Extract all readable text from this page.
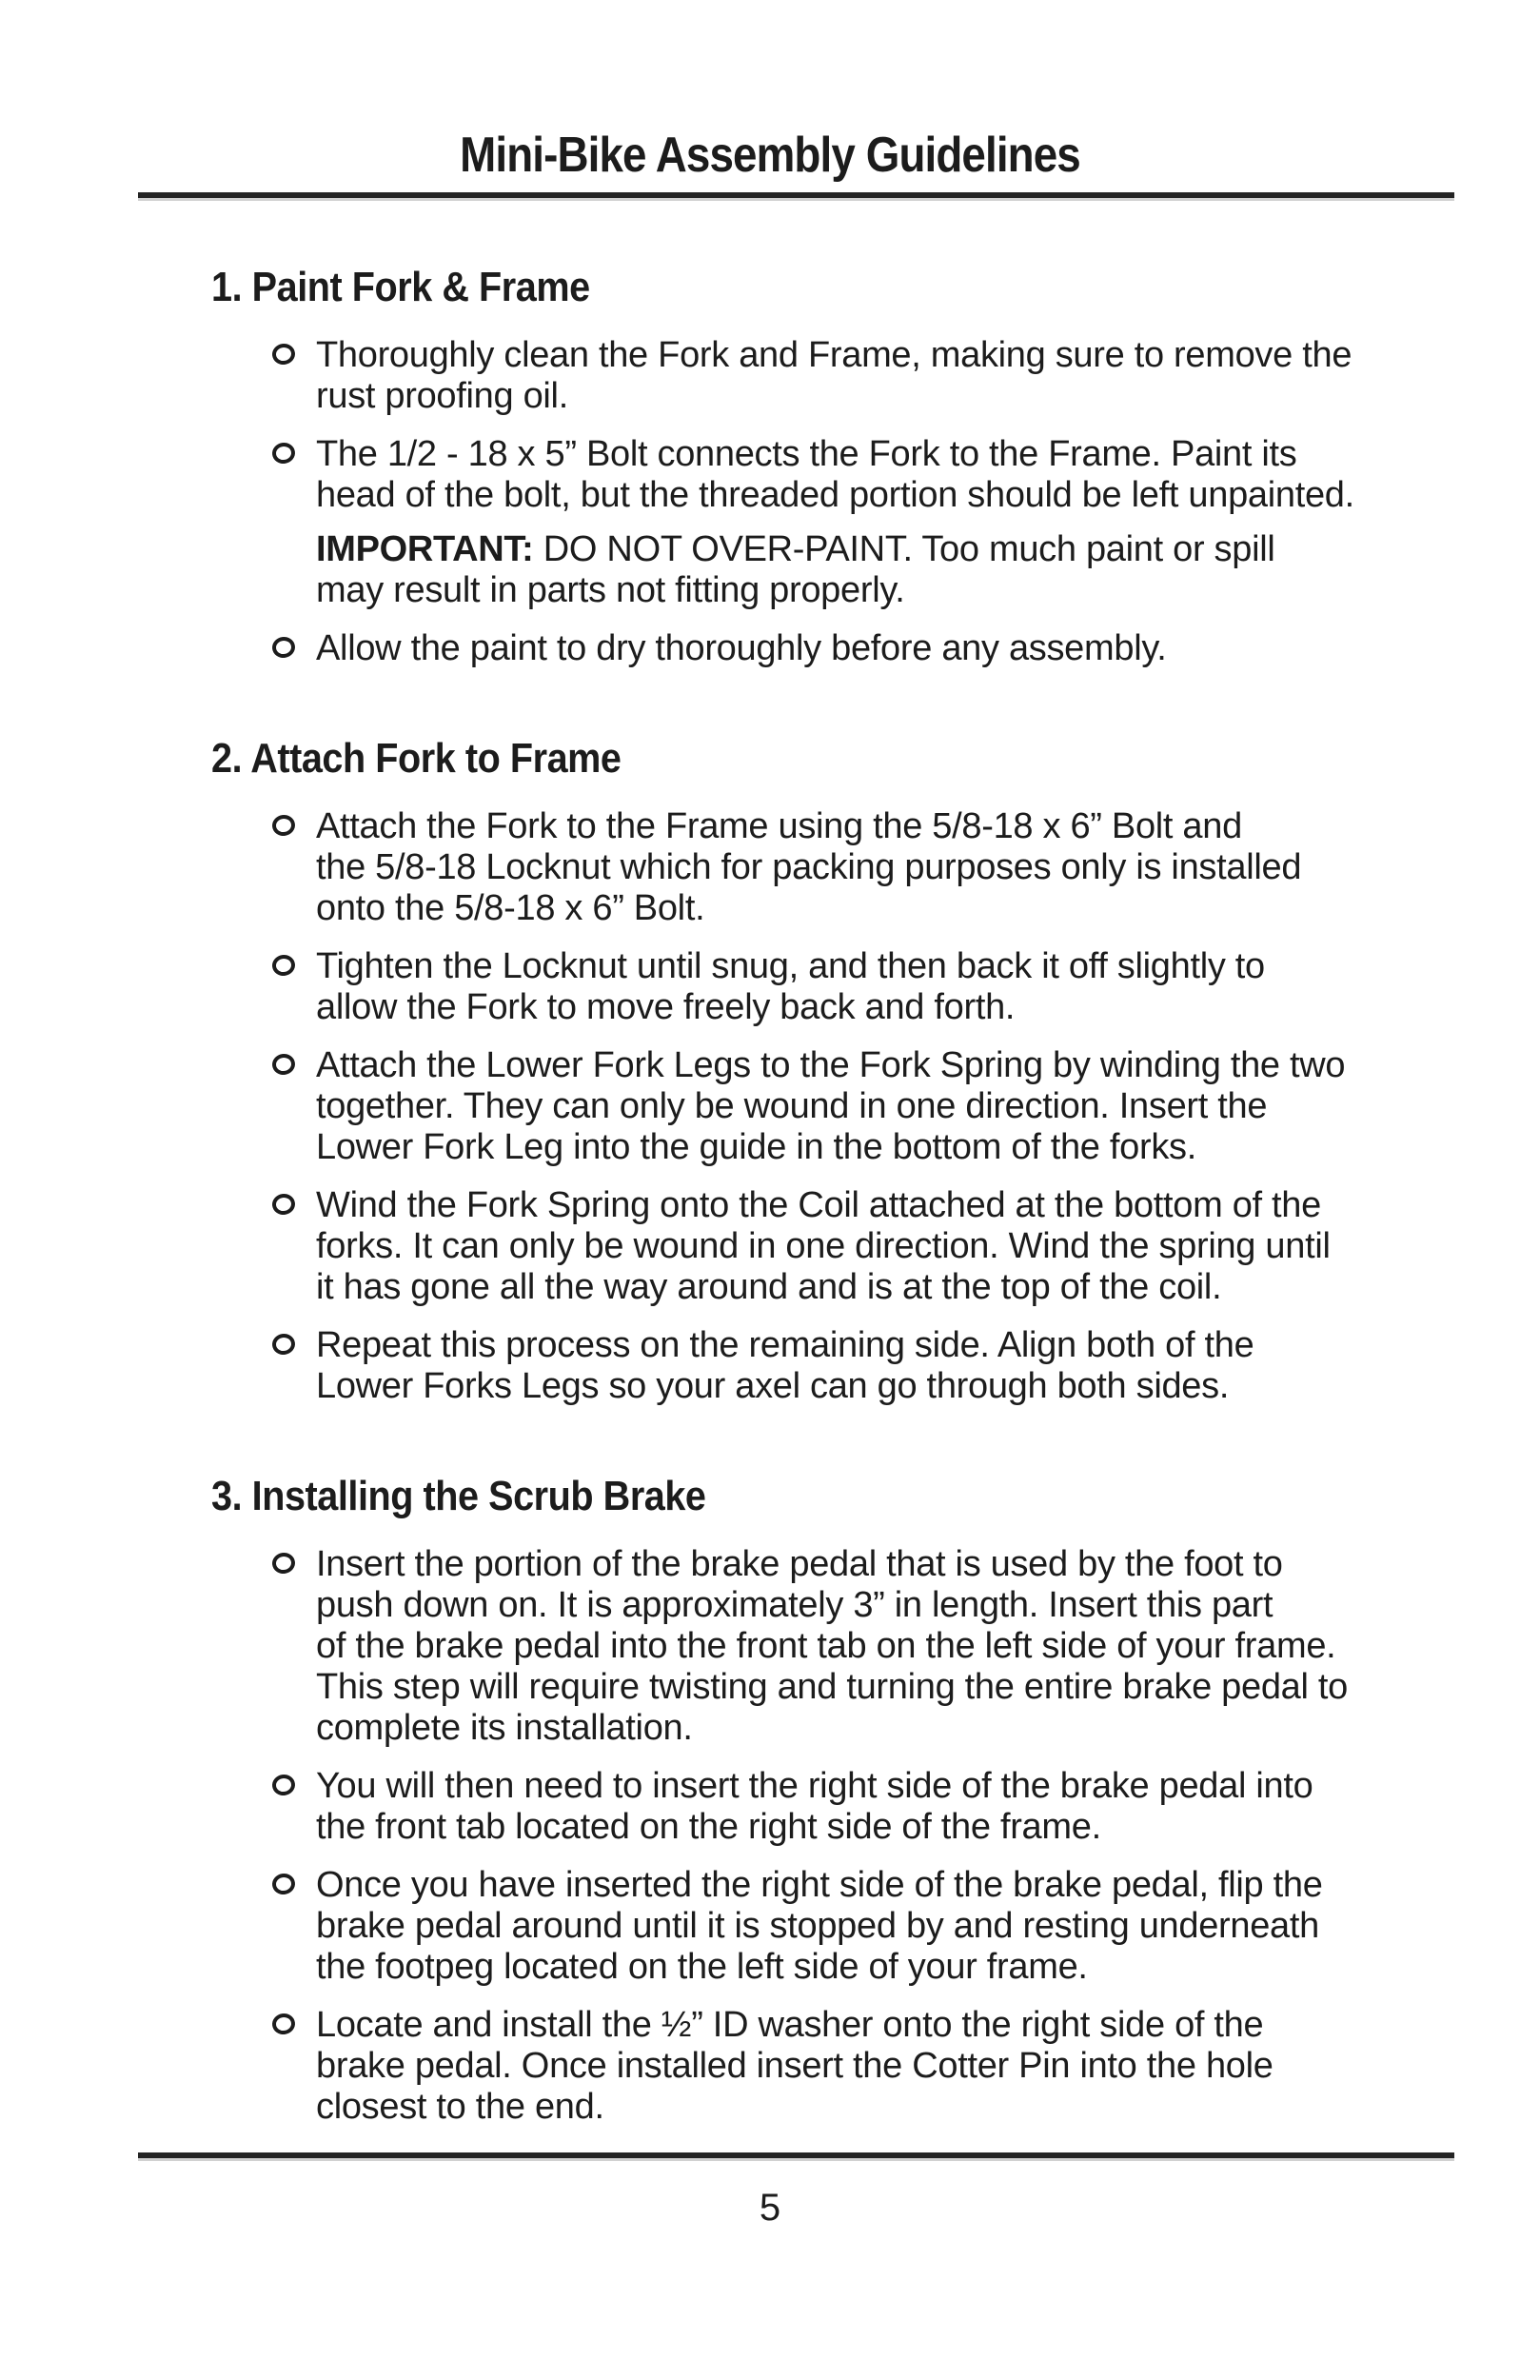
Mini-Bike Assembly Guidelines
1. Paint Fork & Frame
Thoroughly clean the Fork and Frame, making sure to remove the
rust proofing oil.
The 1/2 - 18 x 5” Bolt connects the Fork to the Frame. Paint its
head of the bolt, but the threaded portion should be left unpainted.
IMPORTANT: DO NOT OVER-PAINT. Too much paint or spill
may result in parts not fitting properly.
Allow the paint to dry thoroughly before any assembly.
2. Attach Fork to Frame
Attach the Fork to the Frame using the 5/8-18 x 6” Bolt and
the 5/8-18 Locknut which for packing purposes only is installed
onto the 5/8-18 x 6” Bolt.
Tighten the Locknut until snug, and then back it off slightly to
allow the Fork to move freely back and forth.
Attach the Lower Fork Legs to the Fork Spring by winding the two
together. They can only be wound in one direction. Insert the
Lower Fork Leg into the guide in the bottom of the forks.
Wind the Fork Spring onto the Coil attached at the bottom of the
forks. It can only be wound in one direction. Wind the spring until
it has gone all the way around and is at the top of the coil.
Repeat this process on the remaining side. Align both of the
Lower Forks Legs so your axel can go through both sides.
3. Installing the Scrub Brake
Insert the portion of the brake pedal that is used by the foot to
push down on. It is approximately 3” in length. Insert this part
of the brake pedal into the front tab on the left side of your frame.
This step will require twisting and turning the entire brake pedal to
complete its installation.
You will then need to insert the right side of the brake pedal into
the front tab located on the right side of the frame.
Once you have inserted the right side of the brake pedal, flip the
brake pedal around until it is stopped by and resting underneath
the footpeg located on the left side of your frame.
Locate and install the ½” ID washer onto the right side of the
brake pedal. Once installed insert the Cotter Pin into the hole
closest to the end.
5
